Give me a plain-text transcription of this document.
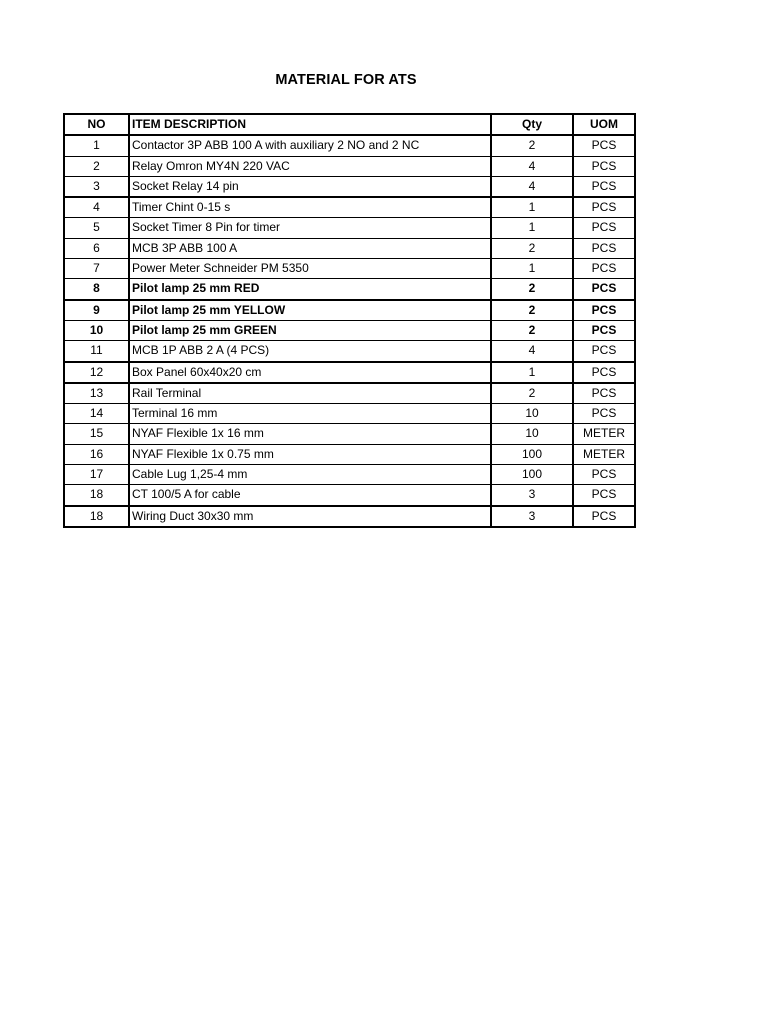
MATERIAL FOR ATS
NO	ITEM DESCRIPTION	Qty	UOM
1	Contactor 3P ABB 100 A with auxiliary 2 NO and 2 NC	2	PCS
2	Relay Omron MY4N 220 VAC	4	PCS
3	Socket Relay 14 pin	4	PCS
4	Timer Chint 0-15 s	1	PCS
5	Socket Timer 8 Pin for timer	1	PCS
6	MCB 3P ABB 100 A	2	PCS
7	Power Meter Schneider PM 5350	1	PCS
8	Pilot lamp 25 mm RED	2	PCS
9	Pilot lamp 25 mm YELLOW	2	PCS
10	Pilot lamp 25 mm GREEN	2	PCS
11	MCB 1P ABB 2 A (4 PCS)	4	PCS
12	Box Panel 60x40x20 cm	1	PCS
13	Rail Terminal	2	PCS
14	Terminal 16 mm	10	PCS
15	NYAF Flexible 1x 16 mm	10	METER
16	NYAF Flexible 1x 0.75 mm	100	METER
17	Cable Lug 1,25-4 mm	100	PCS
18	CT 100/5 A for cable	3	PCS
18	Wiring Duct 30x30 mm	3	PCS
